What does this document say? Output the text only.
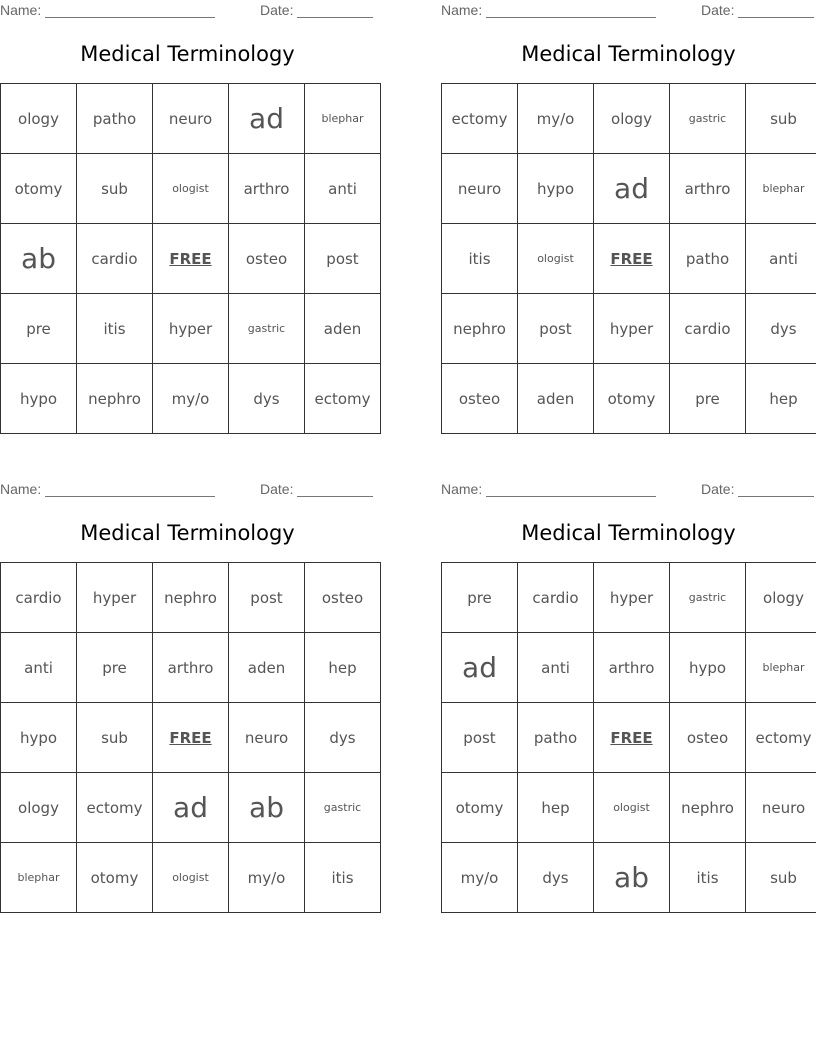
Name:	Date:
Medical Terminology
ology	patho	neuro	ad	blephar
otomy	sub	ologist	arthro	anti
ab	cardio	FREE	osteo	post
pre	itis	hyper	gastric	aden
hypo	nephro	my/o	dys	ectomy
Name:	Date:
Medical Terminology
ectomy	my/o	ology	gastric	sub
neuro	hypo	ad	arthro	blephar
itis	ologist	FREE	patho	anti
nephro	post	hyper	cardio	dys
osteo	aden	otomy	pre	hep
Name:	Date:
Medical Terminology
cardio	hyper	nephro	post	osteo
anti	pre	arthro	aden	hep
hypo	sub	FREE	neuro	dys
ology	ectomy	ad	ab	gastric
blephar	otomy	ologist	my/o	itis
Name:	Date:
Medical Terminology
pre	cardio	hyper	gastric	ology
ad	anti	arthro	hypo	blephar
post	patho	FREE	osteo	ectomy
otomy	hep	ologist	nephro	neuro
my/o	dys	ab	itis	sub
